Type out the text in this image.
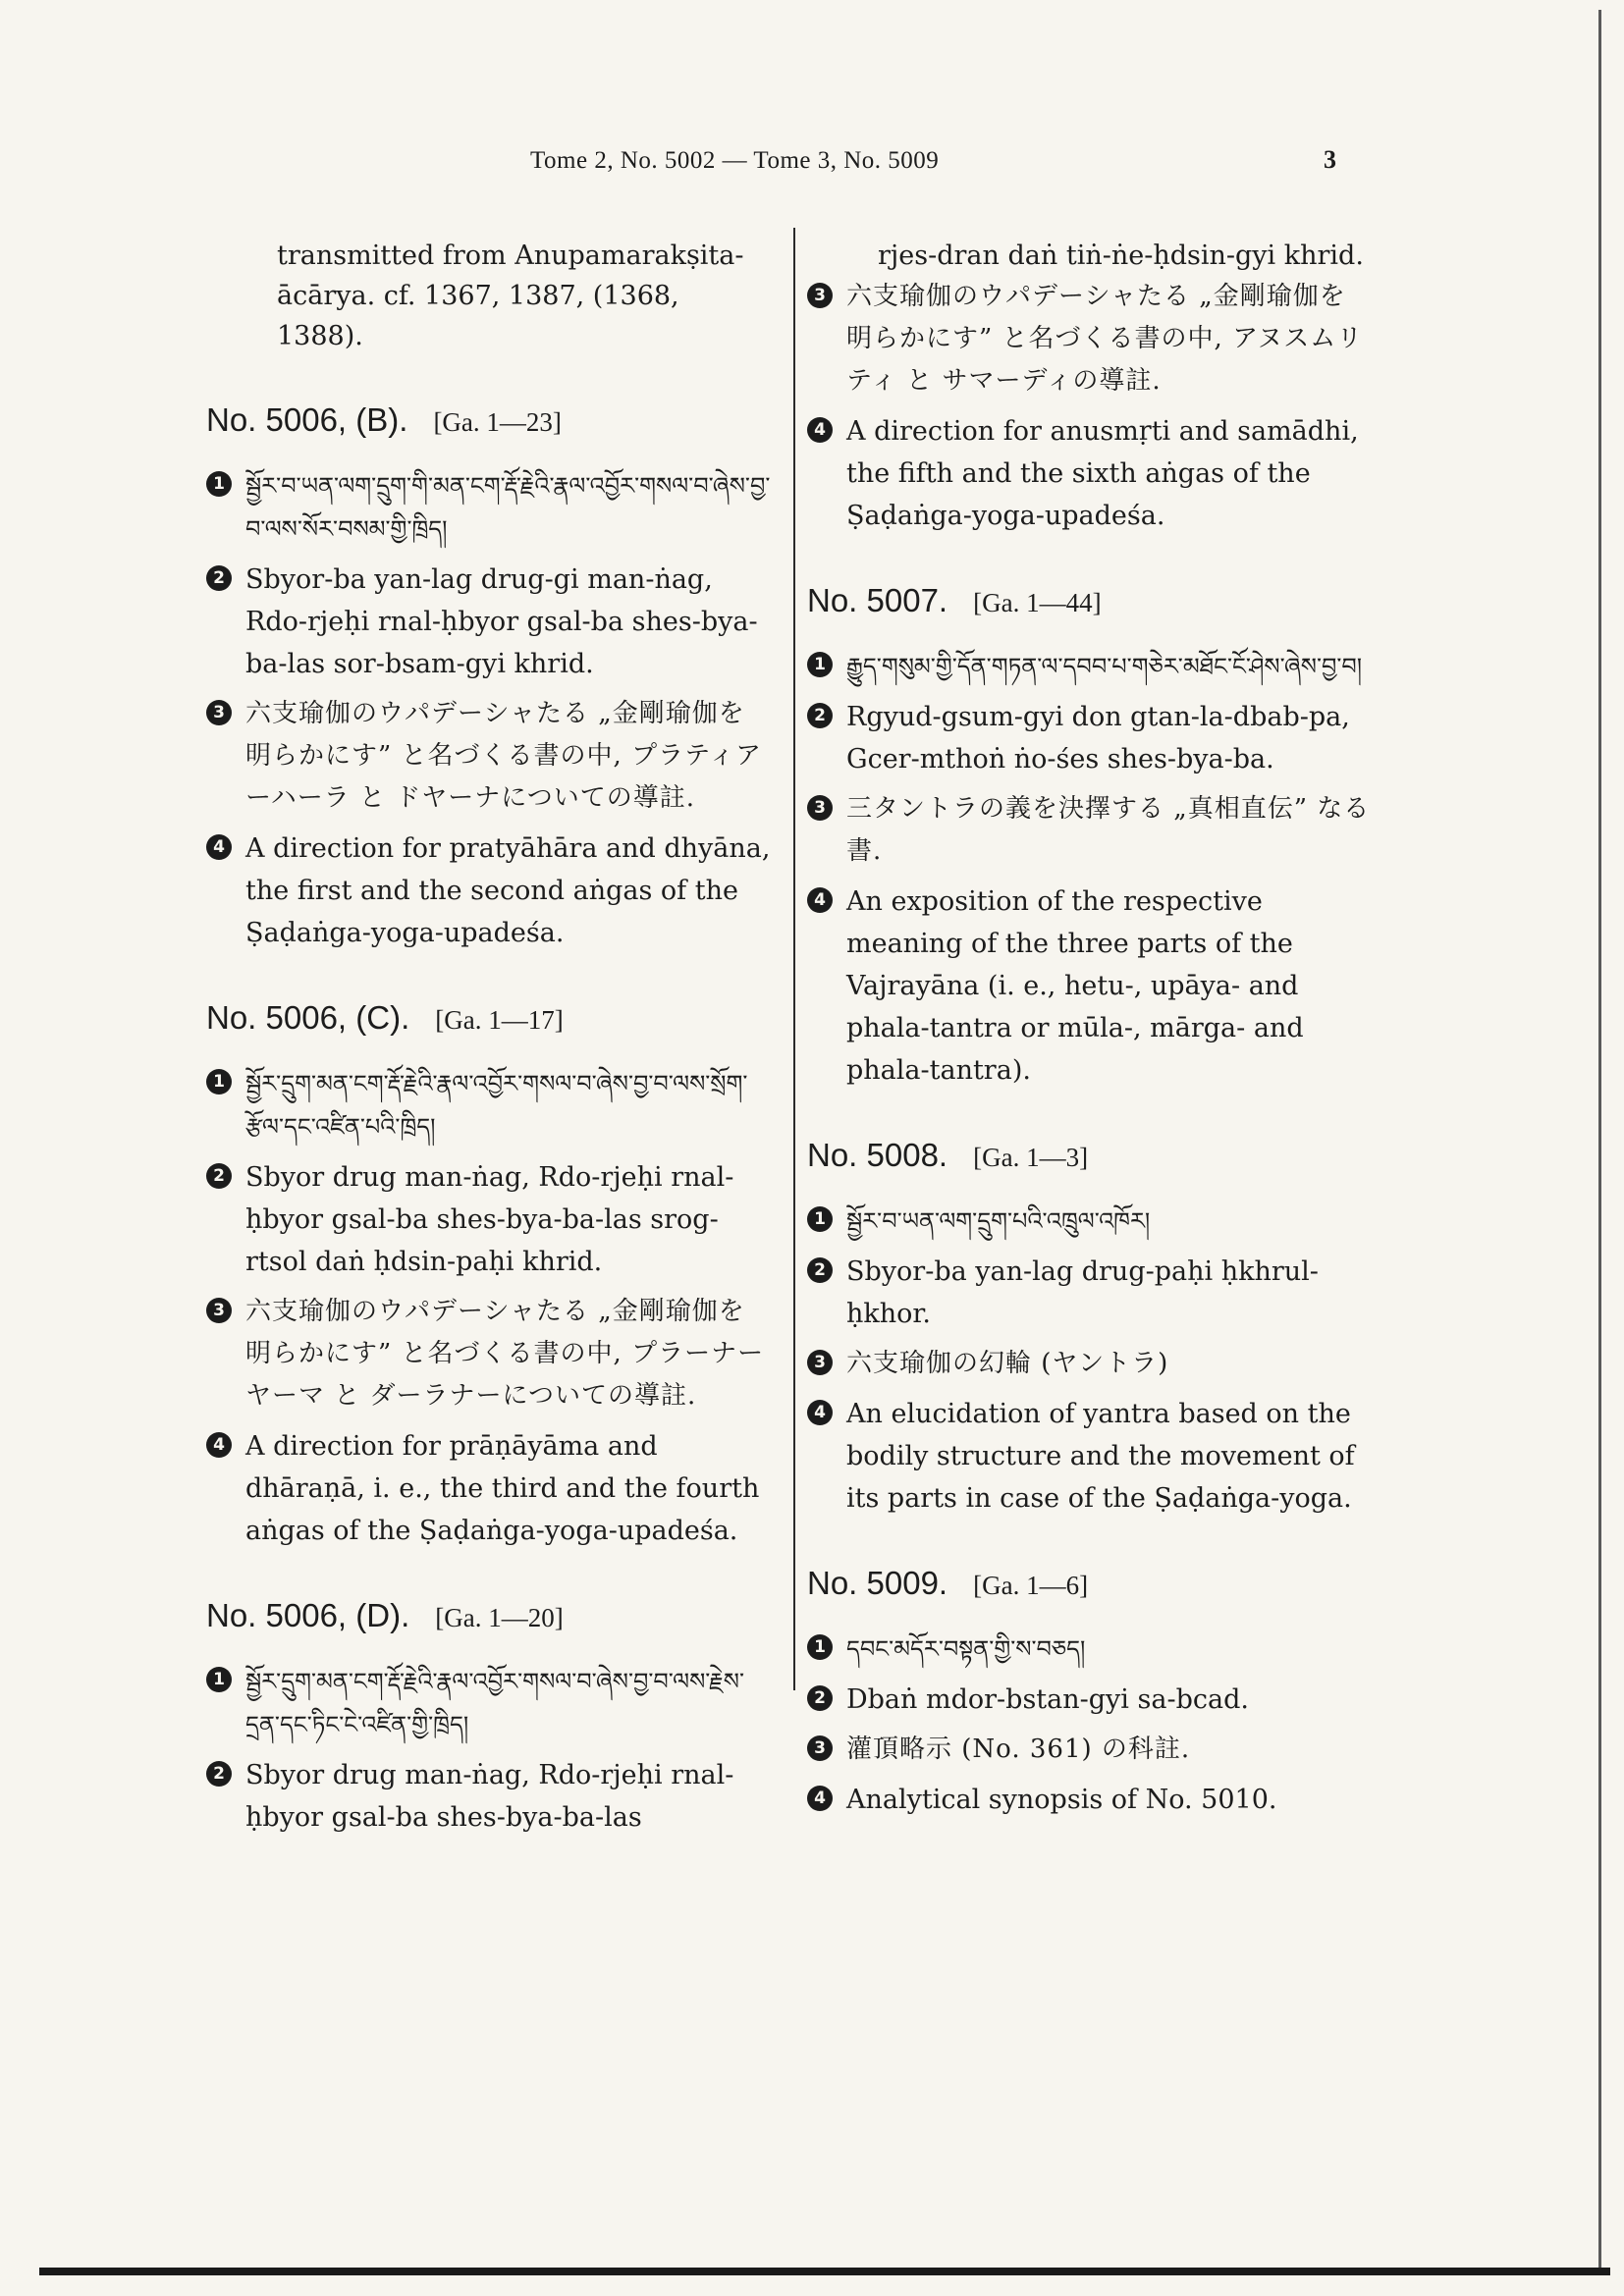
Tome 2, No. 5002 — Tome 3, No. 5009	3
transmitted from Anupamarakṣita-ācārya. cf. 1367, 1387, (1368, 1388).
No. 5006, (B). [Ga. 1—23]
1 སྦྱོར་བ་ཡན་ལག་དྲུག་གི་མན་ངག་རྡོ་རྗེའི་རྣལ་འབྱོར་གསལ་བ་ཞེས་བྱ་བ་ལས་སོར་བསམ་གྱི་ཁྲིད།
2 Sbyor-ba yan-lag drug-gi man-ṅag, Rdo-rjeḥi rnal-ḥbyor gsal-ba shes-bya-ba-las sor-bsam-gyi khrid.
3 六支瑜伽のウパデーシャたる „金剛瑜伽を明らかにす” と名づくる書の中, プラティアーハーラ と ドヤーナについての導註.
4 A direction for pratyāhāra and dhyāna, the first and the second aṅgas of the Ṣaḍaṅga-yoga-upadeśa.
No. 5006, (C). [Ga. 1—17]
1 སྦྱོར་དྲུག་མན་ངག་རྡོ་རྗེའི་རྣལ་འབྱོར་གསལ་བ་ཞེས་བྱ་བ་ལས་སྲོག་རྩོལ་དང་འཛིན་པའི་ཁྲིད།
2 Sbyor drug man-ṅag, Rdo-rjeḥi rnal-ḥbyor gsal-ba shes-bya-ba-las srog-rtsol daṅ ḥdsin-paḥi khrid.
3 六支瑜伽のウパデーシャたる „金剛瑜伽を明らかにす” と名づくる書の中, プラーナーヤーマ と ダーラナーについての導註.
4 A direction for prāṇāyāma and dhāraṇā, i. e., the third and the fourth aṅgas of the Ṣaḍaṅga-yoga-upadeśa.
No. 5006, (D). [Ga. 1—20]
1 སྦྱོར་དྲུག་མན་ངག་རྡོ་རྗེའི་རྣལ་འབྱོར་གསལ་བ་ཞེས་བྱ་བ་ལས་རྗེས་དྲན་དང་ཏིང་ངེ་འཛིན་གྱི་ཁྲིད།
2 Sbyor drug man-ṅag, Rdo-rjeḥi rnal-ḥbyor gsal-ba shes-bya-ba-las
rjes-dran daṅ tiṅ-ṅe-ḥdsin-gyi khrid.
3 六支瑜伽のウパデーシャたる „金剛瑜伽を明らかにす” と名づくる書の中, アヌスムリティ と サマーディの導註.
4 A direction for anusmṛti and samādhi, the fifth and the sixth aṅgas of the Ṣaḍaṅga-yoga-upadeśa.
No. 5007. [Ga. 1—44]
1 རྒྱུད་གསུམ་གྱི་དོན་གཏན་ལ་དབབ་པ་གཅེར་མཐོང་ངོ་ཤེས་ཞེས་བྱ་བ།
2 Rgyud-gsum-gyi don gtan-la-dbab-pa, Gcer-mthoṅ ṅo-śes shes-bya-ba.
3 三タントラの義を決擇する „真相直伝” なる書.
4 An exposition of the respective meaning of the three parts of the Vajrayāna (i. e., hetu-, upāya- and phala-tantra or mūla-, mārga- and phala-tantra).
No. 5008. [Ga. 1—3]
1 སྦྱོར་བ་ཡན་ལག་དྲུག་པའི་འཁྲུལ་འཁོར།
2 Sbyor-ba yan-lag drug-paḥi ḥkhrul-ḥkhor.
3 六支瑜伽の幻輪 (ヤントラ)
4 An elucidation of yantra based on the bodily structure and the movement of its parts in case of the Ṣaḍaṅga-yoga.
No. 5009. [Ga. 1—6]
1 དབང་མདོར་བསྟན་གྱི་ས་བཅད།
2 Dbaṅ mdor-bstan-gyi sa-bcad.
3 灌頂略示 (No. 361) の科註.
4 Analytical synopsis of No. 5010.
